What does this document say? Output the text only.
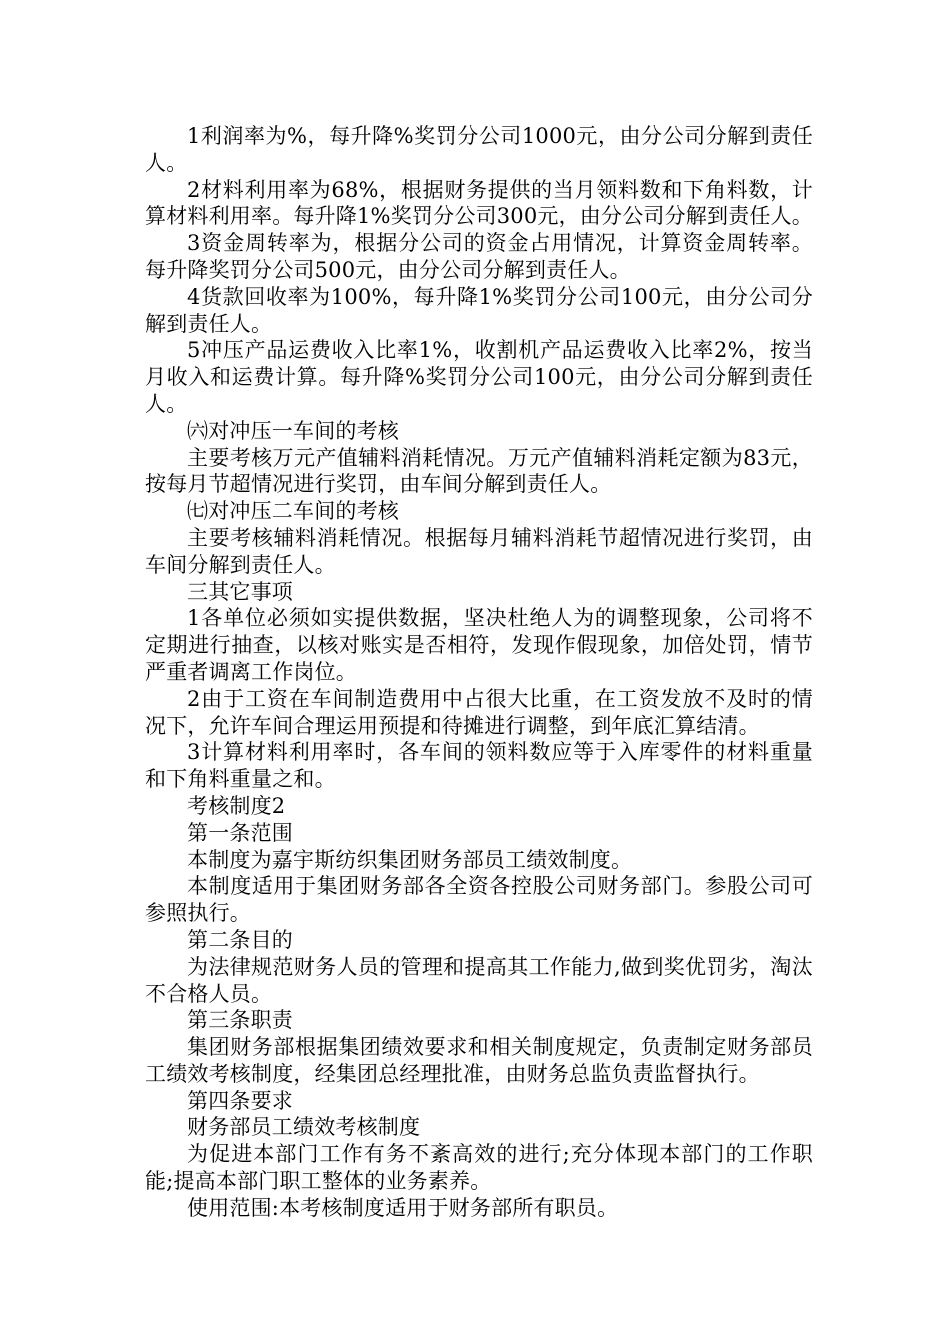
1利润率为%，每升降%奖罚分公司1000元，由分公司分解到责任人。

2材料利用率为68%，根据财务提供的当月领料数和下角料数，计算材料利用率。每升降1%奖罚分公司300元，由分公司分解到责任人。

3资金周转率为，根据分公司的资金占用情况，计算资金周转率。每升降奖罚分公司500元，由分公司分解到责任人。

4货款回收率为100%，每升降1%奖罚分公司100元，由分公司分解到责任人。

5冲压产品运费收入比率1%，收割机产品运费收入比率2%，按当月收入和运费计算。每升降%奖罚分公司100元，由分公司分解到责任人。

㈥对冲压一车间的考核

主要考核万元产值辅料消耗情况。万元产值辅料消耗定额为83元，按每月节超情况进行奖罚，由车间分解到责任人。

㈦对冲压二车间的考核

主要考核辅料消耗情况。根据每月辅料消耗节超情况进行奖罚，由车间分解到责任人。

三其它事项

1各单位必须如实提供数据，坚决杜绝人为的调整现象，公司将不定期进行抽查，以核对账实是否相符，发现作假现象，加倍处罚，情节严重者调离工作岗位。

2由于工资在车间制造费用中占很大比重，在工资发放不及时的情况下，允许车间合理运用预提和待摊进行调整，到年底汇算结清。

3计算材料利用率时，各车间的领料数应等于入库零件的材料重量和下角料重量之和。

考核制度2

第一条范围

本制度为嘉宇斯纺织集团财务部员工绩效制度。

本制度适用于集团财务部各全资各控股公司财务部门。参股公司可参照执行。

第二条目的

为法律规范财务人员的管理和提高其工作能力,做到奖优罚劣，淘汰不合格人员。

第三条职责

集团财务部根据集团绩效要求和相关制度规定，负责制定财务部员工绩效考核制度，经集团总经理批准，由财务总监负责监督执行。

第四条要求

财务部员工绩效考核制度

为促进本部门工作有务不紊高效的进行;充分体现本部门的工作职能;提高本部门职工整体的业务素养。

使用范围:本考核制度适用于财务部所有职员。
